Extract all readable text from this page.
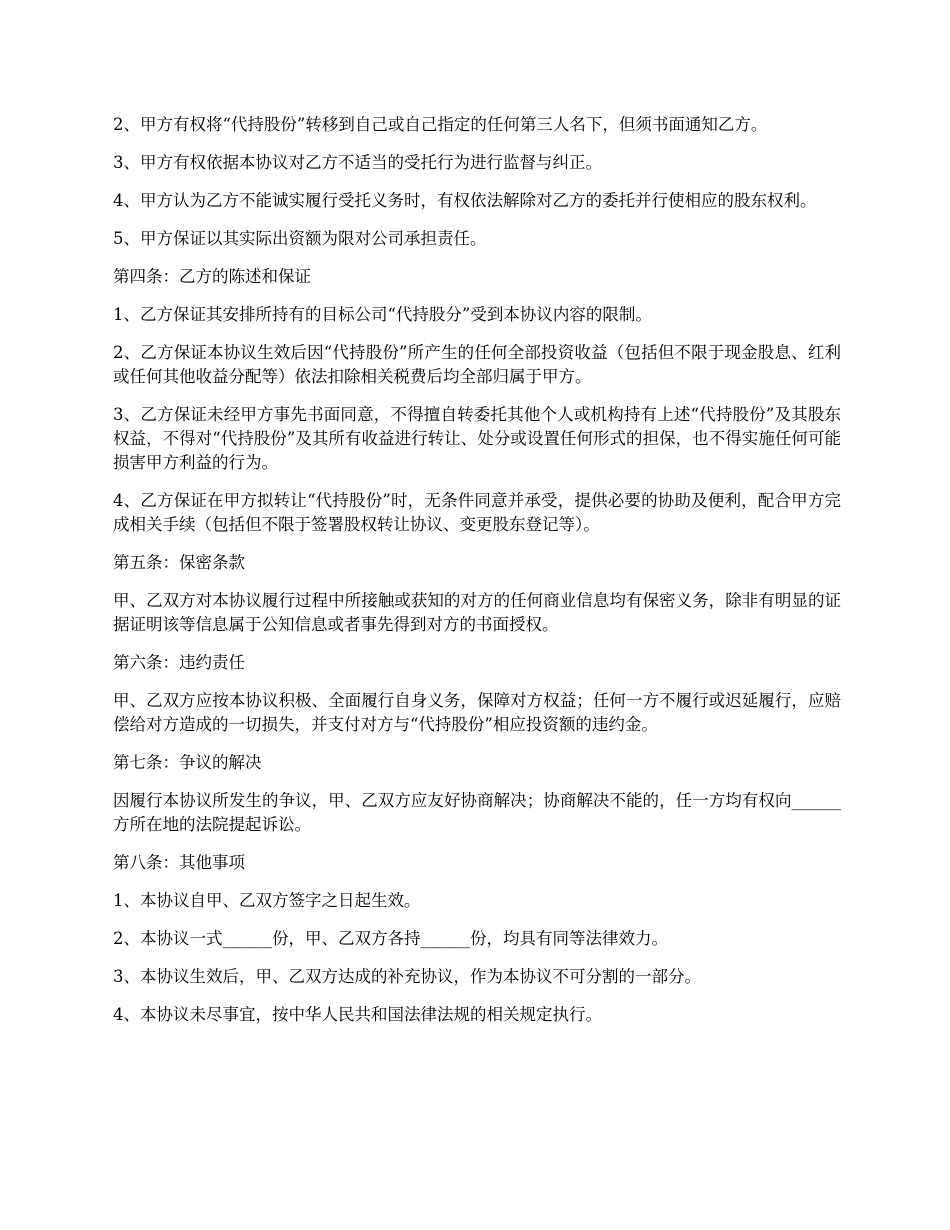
2、甲方有权将“代持股份”转移到自己或自己指定的任何第三人名下，但须书面通知乙方。

3、甲方有权依据本协议对乙方不适当的受托行为进行监督与纠正。

4、甲方认为乙方不能诚实履行受托义务时，有权依法解除对乙方的委托并行使相应的股东权利。

5、甲方保证以其实际出资额为限对公司承担责任。

第四条：乙方的陈述和保证

1、乙方保证其安排所持有的目标公司“代持股分”受到本协议内容的限制。

2、乙方保证本协议生效后因“代持股份”所产生的任何全部投资收益（包括但不限于现金股息、红利或任何其他收益分配等）依法扣除相关税费后均全部归属于甲方。

3、乙方保证未经甲方事先书面同意，不得擅自转委托其他个人或机构持有上述“代持股份”及其股东权益，不得对“代持股份”及其所有收益进行转让、处分或设置任何形式的担保，也不得实施任何可能损害甲方利益的行为。

4、乙方保证在甲方拟转让“代持股份”时，无条件同意并承受，提供必要的协助及便利，配合甲方完成相关手续（包括但不限于签署股权转让协议、变更股东登记等）。

第五条：保密条款

甲、乙双方对本协议履行过程中所接触或获知的对方的任何商业信息均有保密义务，除非有明显的证据证明该等信息属于公知信息或者事先得到对方的书面授权。

第六条：违约责任

甲、乙双方应按本协议积极、全面履行自身义务，保障对方权益；任何一方不履行或迟延履行，应赔偿给对方造成的一切损失，并支付对方与“代持股份”相应投资额的违约金。

第七条：争议的解决

因履行本协议所发生的争议，甲、乙双方应友好协商解决；协商解决不能的，任一方均有权向______方所在地的法院提起诉讼。

第八条：其他事项

1、本协议自甲、乙双方签字之日起生效。

2、本协议一式______份，甲、乙双方各持______份，均具有同等法律效力。

3、本协议生效后，甲、乙双方达成的补充协议，作为本协议不可分割的一部分。

4、本协议未尽事宜，按中华人民共和国法律法规的相关规定执行。
